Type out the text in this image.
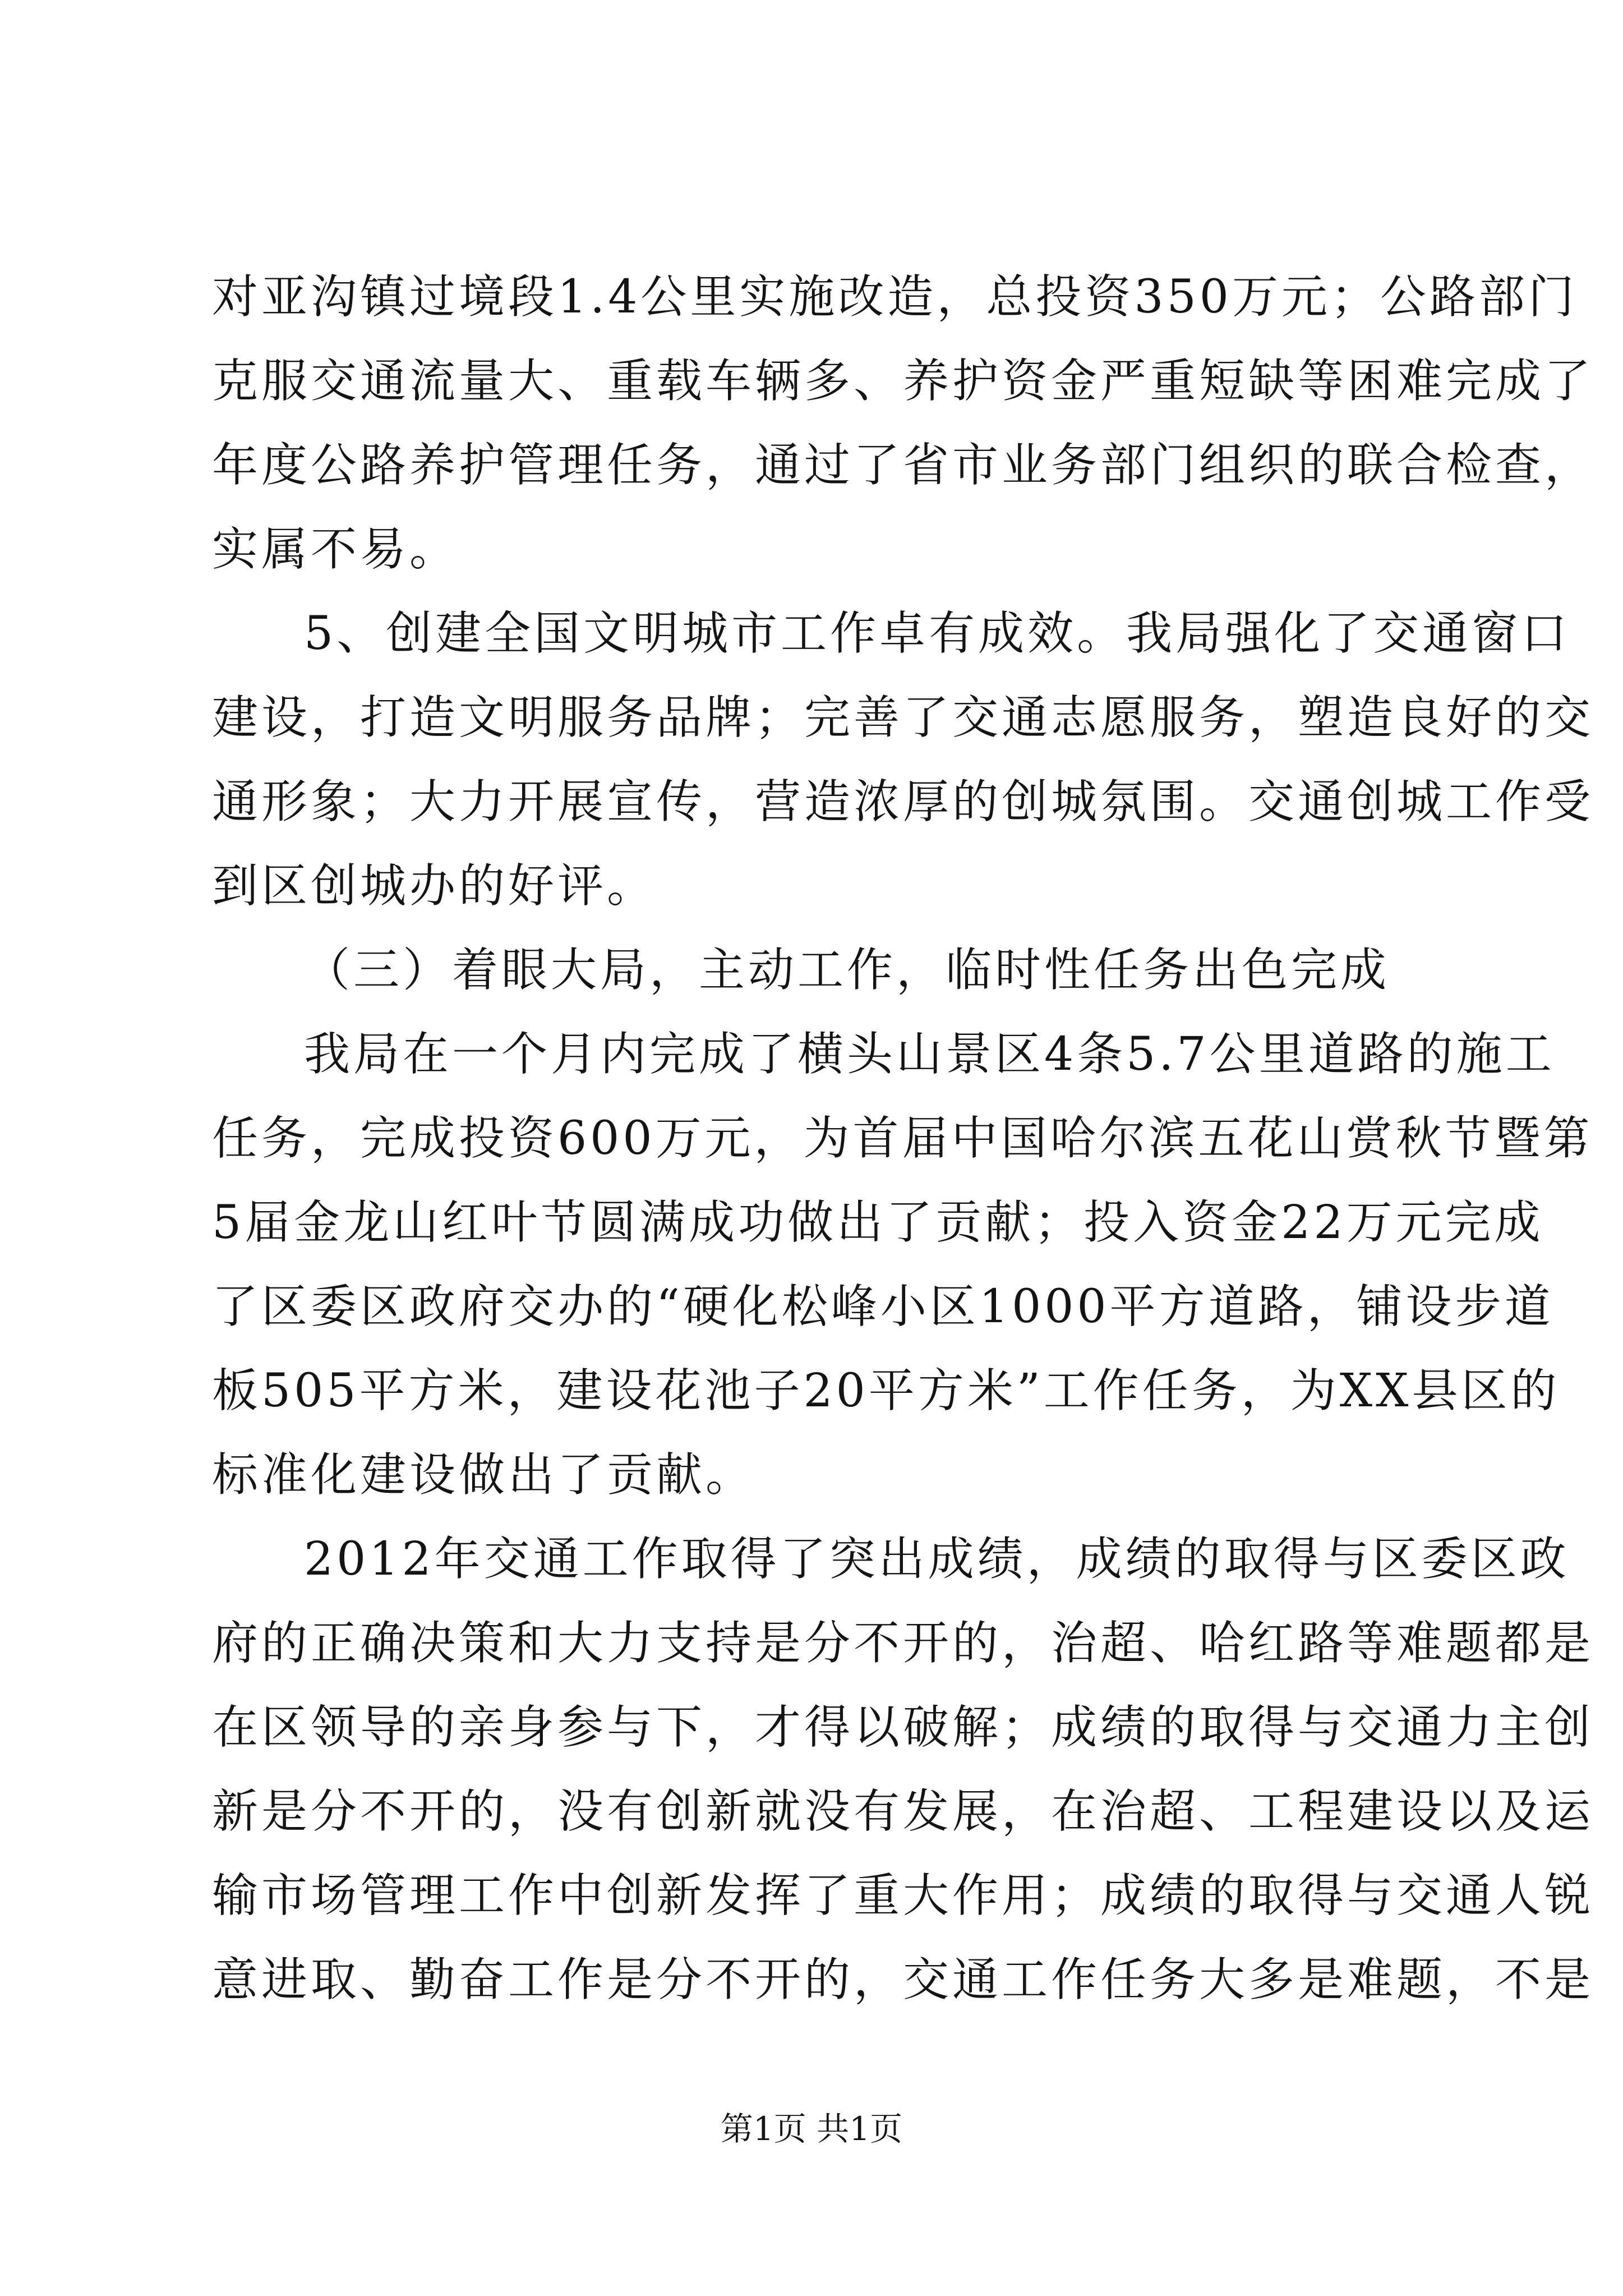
对亚沟镇过境段1.4公里实施改造，总投资350万元；公路部门
克服交通流量大、重载车辆多、养护资金严重短缺等困难完成了
年度公路养护管理任务，通过了省市业务部门组织的联合检查，
实属不易。
5、创建全国文明城市工作卓有成效。我局强化了交通窗口
建设，打造文明服务品牌；完善了交通志愿服务，塑造良好的交
通形象；大力开展宣传，营造浓厚的创城氛围。交通创城工作受
到区创城办的好评。
（三）着眼大局，主动工作，临时性任务出色完成
我局在一个月内完成了横头山景区4条5.7公里道路的施工
任务，完成投资600万元，为首届中国哈尔滨五花山赏秋节暨第
5届金龙山红叶节圆满成功做出了贡献；投入资金22万元完成
了区委区政府交办的“硬化松峰小区1000平方道路，铺设步道
板505平方米，建设花池子20平方米”工作任务，为XX县区的
标准化建设做出了贡献。
2012年交通工作取得了突出成绩，成绩的取得与区委区政
府的正确决策和大力支持是分不开的，治超、哈红路等难题都是
在区领导的亲身参与下，才得以破解；成绩的取得与交通力主创
新是分不开的，没有创新就没有发展，在治超、工程建设以及运
输市场管理工作中创新发挥了重大作用；成绩的取得与交通人锐
意进取、勤奋工作是分不开的，交通工作任务大多是难题，不是
第1页 共1页
